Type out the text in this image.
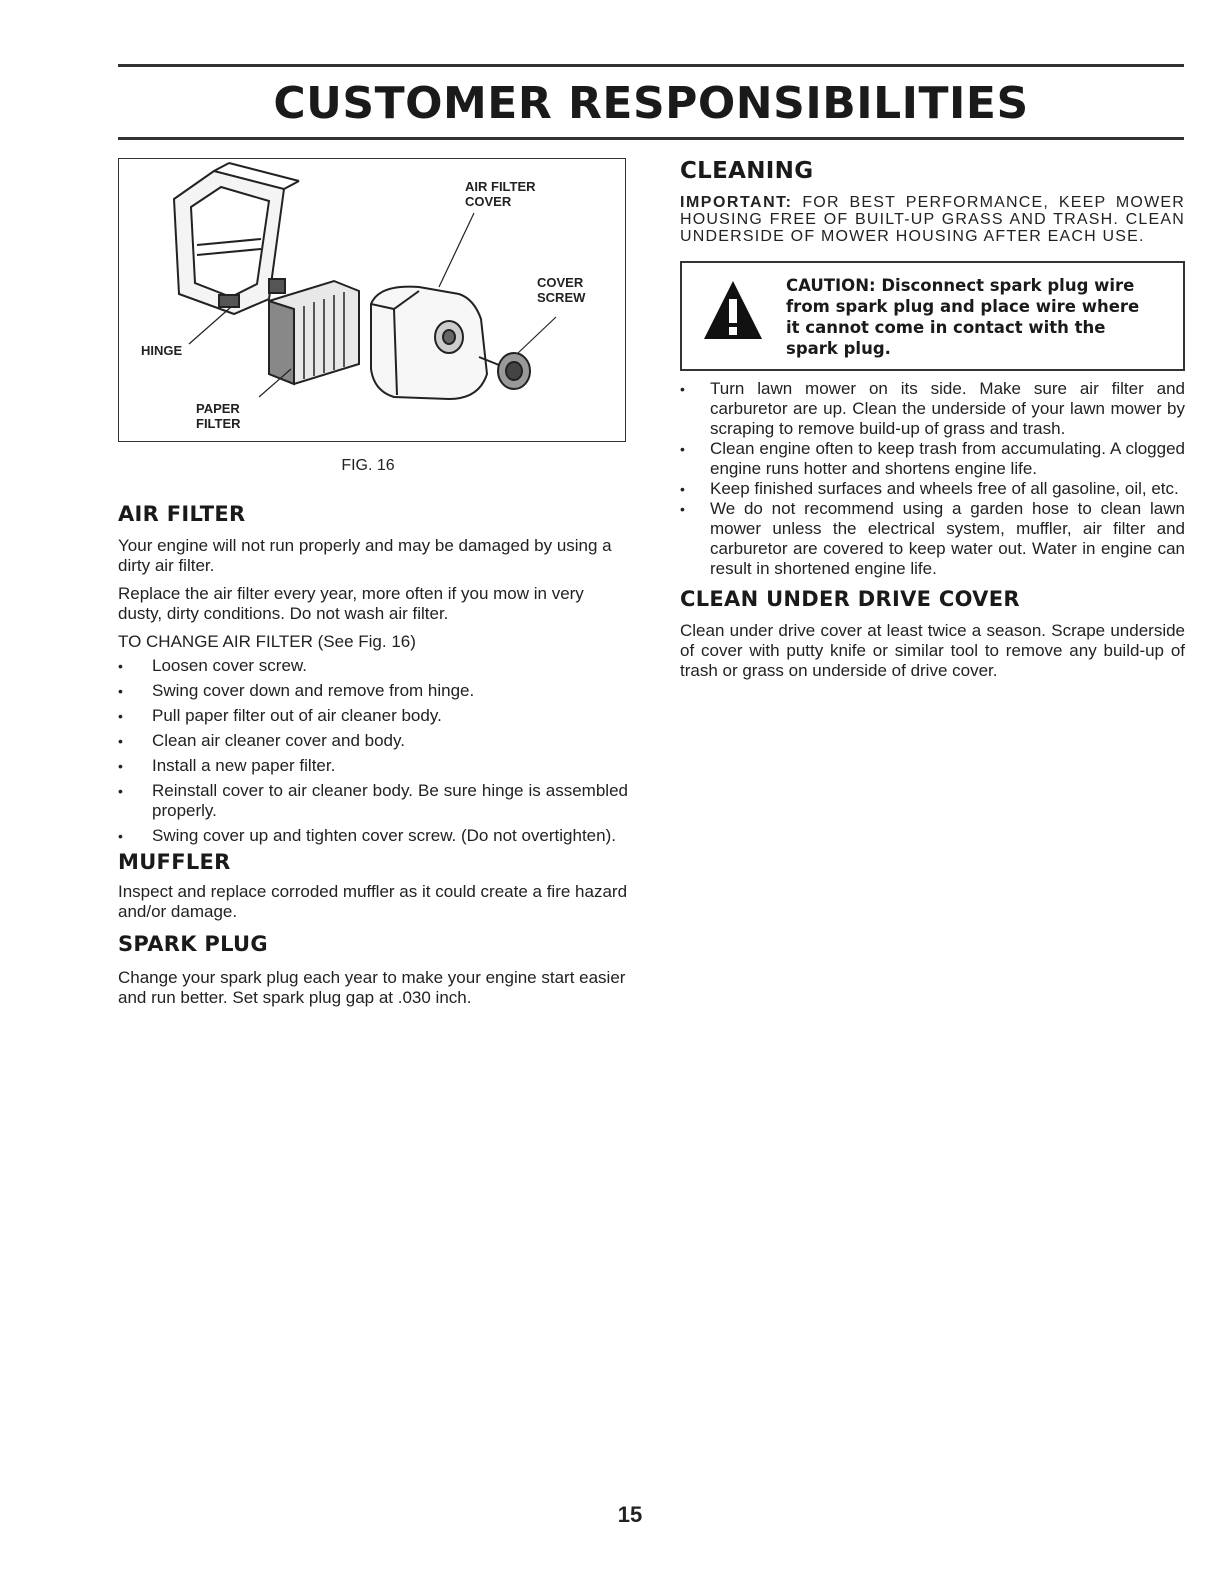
CUSTOMER RESPONSIBILITIES
AIR FILTER
COVER
COVER
SCREW
HINGE
PAPER
FILTER

FIG. 16

AIR FILTER

Your engine will not run properly and may be damaged by using a dirty air filter.

Replace the air filter every year, more often if you mow in very dusty, dirty conditions. Do not wash air filter.

TO CHANGE AIR FILTER (See Fig. 16)

• Loosen cover screw.
• Swing cover down and remove from hinge.
• Pull paper filter out of air cleaner body.
• Clean air cleaner cover and body.
• Install a new paper filter.
• Reinstall cover to air cleaner body. Be sure hinge is assembled properly.
• Swing cover up and tighten cover screw. (Do not overtighten).
MUFFLER

Inspect and replace corroded muffler as it could create a fire hazard and/or damage.

SPARK PLUG

Change your spark plug each year to make your engine start easier and run better. Set spark plug gap at .030 inch.

CLEANING

IMPORTANT: FOR BEST PERFORMANCE, KEEP MOWER HOUSING FREE OF BUILT-UP GRASS AND TRASH. CLEAN UNDERSIDE OF MOWER HOUSING AFTER EACH USE.

CAUTION: Disconnect spark plug wire from spark plug and place wire where it cannot come in contact with the spark plug.
• Turn lawn mower on its side. Make sure air filter and carburetor are up. Clean the underside of your lawn mower by scraping to remove build-up of grass and trash.
• Clean engine often to keep trash from accumulating. A clogged engine runs hotter and shortens engine life.
• Keep finished surfaces and wheels free of all gasoline, oil, etc.
• We do not recommend using a garden hose to clean lawn mower unless the electrical system, muffler, air filter and carburetor are covered to keep water out. Water in engine can result in shortened engine life.
CLEAN UNDER DRIVE COVER

Clean under drive cover at least twice a season. Scrape underside of cover with putty knife or similar tool to remove any build-up of trash or grass on underside of drive cover.

15
